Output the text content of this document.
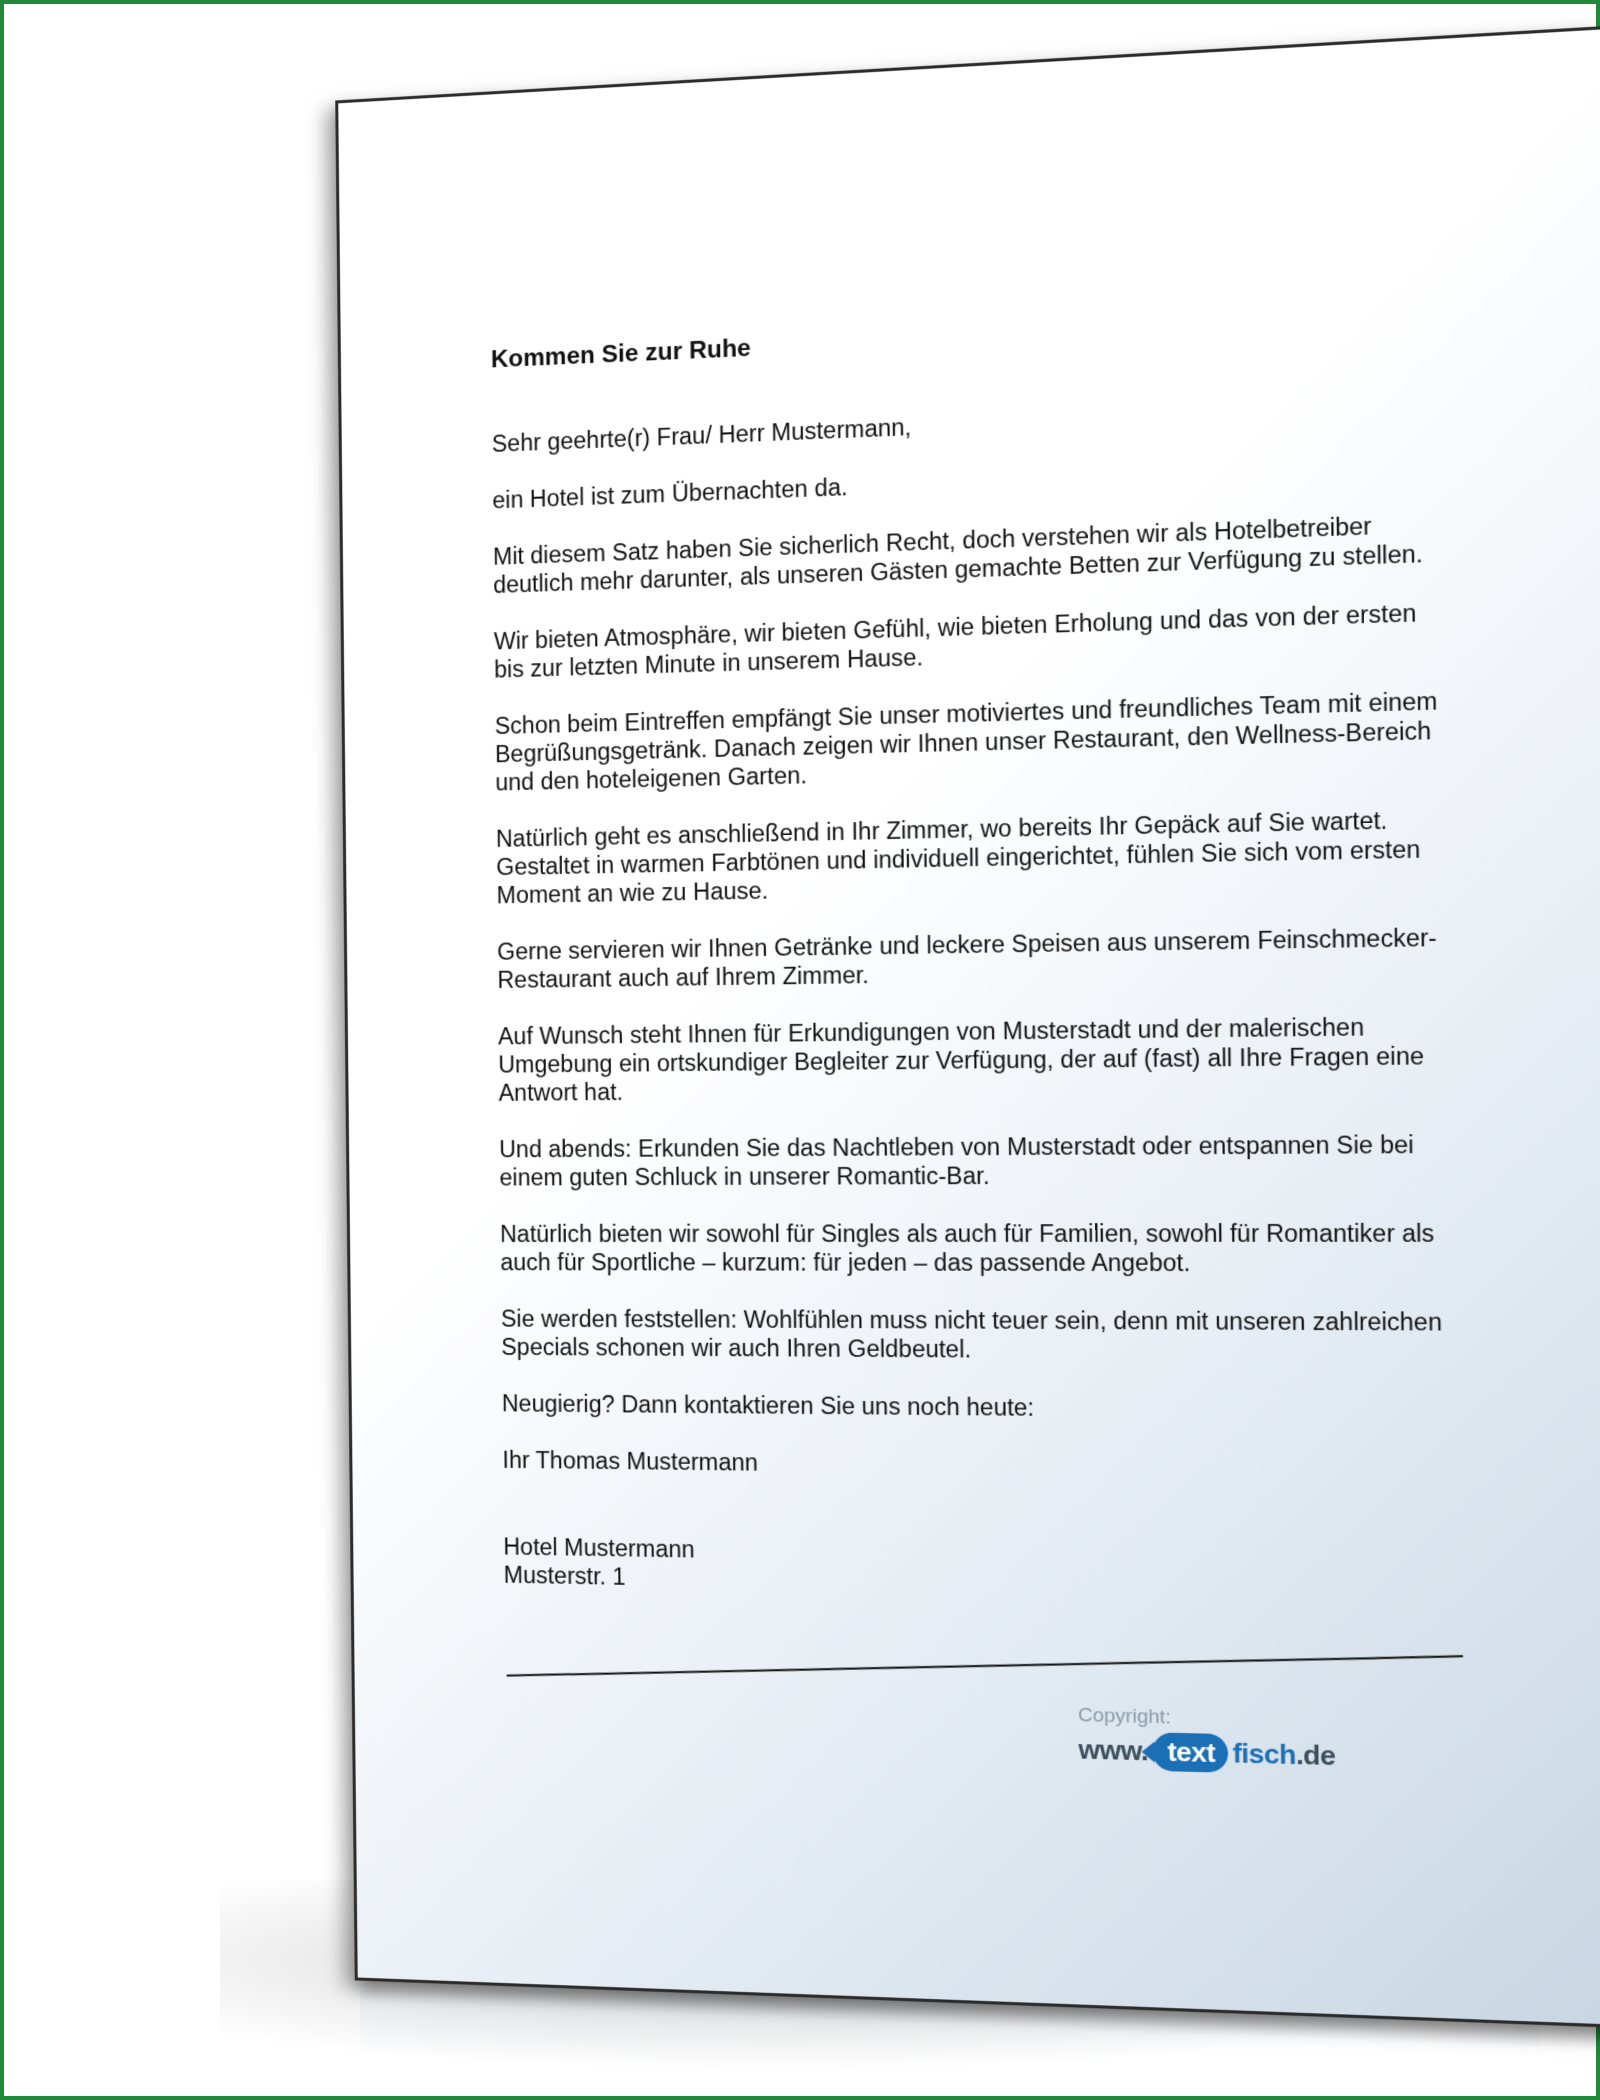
Kommen Sie zur Ruhe

Sehr geehrte(r) Frau/ Herr Mustermann,

ein Hotel ist zum Übernachten da.

Mit diesem Satz haben Sie sicherlich Recht, doch verstehen wir als Hotelbetreiber deutlich mehr darunter, als unseren Gästen gemachte Betten zur Verfügung zu stellen.

Wir bieten Atmosphäre, wir bieten Gefühl, wie bieten Erholung und das von der ersten bis zur letzten Minute in unserem Hause.

Schon beim Eintreffen empfängt Sie unser motiviertes und freundliches Team mit einem Begrüßungsgetränk. Danach zeigen wir Ihnen unser Restaurant, den Wellness-Bereich und den hoteleigenen Garten.

Natürlich geht es anschließend in Ihr Zimmer, wo bereits Ihr Gepäck auf Sie wartet. Gestaltet in warmen Farbtönen und individuell eingerichtet, fühlen Sie sich vom ersten Moment an wie zu Hause.

Gerne servieren wir Ihnen Getränke und leckere Speisen aus unserem Feinschmecker-Restaurant auch auf Ihrem Zimmer.

Auf Wunsch steht Ihnen für Erkundigungen von Musterstadt und der malerischen Umgebung ein ortskundiger Begleiter zur Verfügung, der auf (fast) all Ihre Fragen eine Antwort hat.

Und abends: Erkunden Sie das Nachtleben von Musterstadt oder entspannen Sie bei einem guten Schluck in unserer Romantic-Bar.

Natürlich bieten wir sowohl für Singles als auch für Familien, sowohl für Romantiker als auch für Sportliche – kurzum: für jeden – das passende Angebot.

Sie werden feststellen: Wohlfühlen muss nicht teuer sein, denn mit unseren zahlreichen Specials schonen wir auch Ihren Geldbeutel.

Neugierig? Dann kontaktieren Sie uns noch heute:

Ihr Thomas Mustermann

Hotel Mustermann

Musterstr. 1

Copyright:
www. text fisch .de
